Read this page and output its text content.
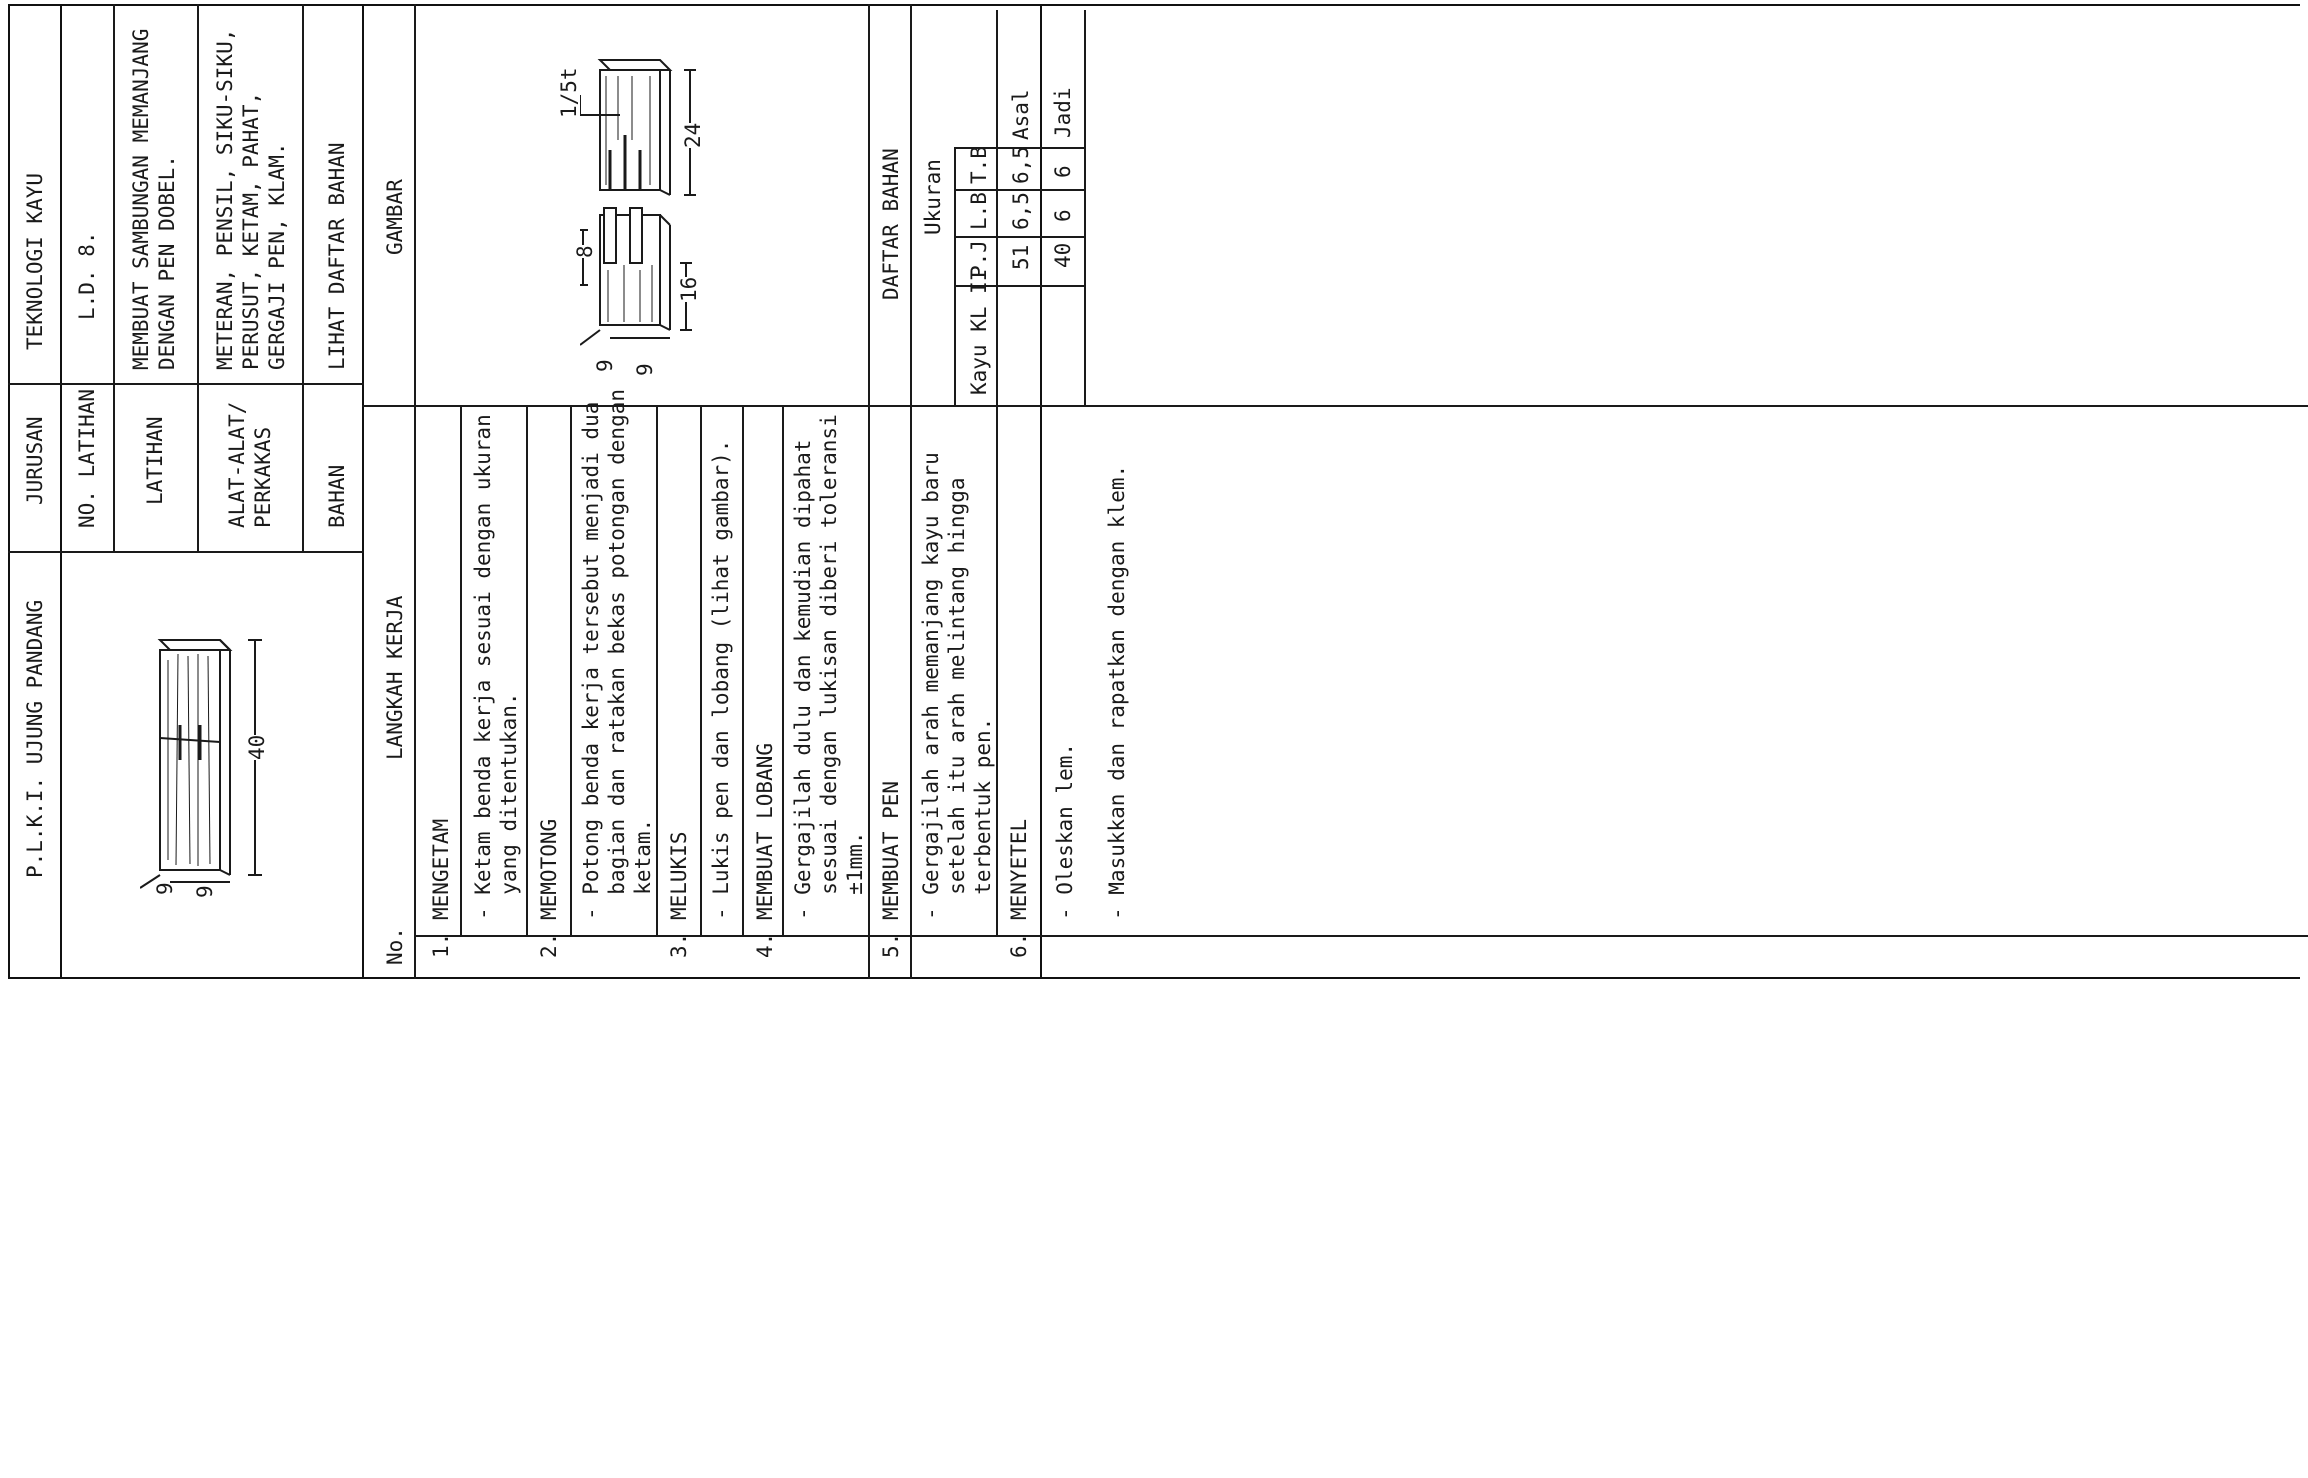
P.L.K.I. UJUNG PANDANG
JURUSAN
TEKNOLOGI KAYU
NO. LATIHAN
L.D. 8.
LATIHAN
MEMBUAT SAMBUNGAN MEMANJANG
DENGAN PEN DOBEL.
ALAT-ALAT/
PERKAKAS
METERAN, PENSIL, SIKU-SIKU,
PERUSUT, KETAM, PAHAT,
GERGAJI PEN, KLAM.
BAHAN
LIHAT DAFTAR BAHAN
No.
LANGKAH KERJA
GAMBAR	DAFTAR BAHAN
1.
MENGETAM - Ketam benda kerja sesuai dengan ukuran
yang ditentukan.
2.
MEMOTONG - Potong benda kerja tersebut menjadi dua
bagian dan ratakan bekas potongan dengan
ketam.
3.
MELUKIS - Lukis pen dan lobang (lihat gambar).
4.
MEMBUAT LOBANG - Gergajilah dulu dan kemudian dipahat
sesuai dengan lukisan diberi toleransi
±1mm.
5.
MEMBUAT PEN - Gergajilah arah memanjang kayu baru
setelah itu arah melintang hingga
terbentuk pen.
6.
MENYETEL - Oleskan lem.

- Masukkan dan rapatkan dengan klem.
Ukuran
Kayu KL II
P.J
L.B
T.B
51
6,5
6,5
Asal
40
6
6
Jadi
40
9 9
1/5t
24
8
16
9 9
